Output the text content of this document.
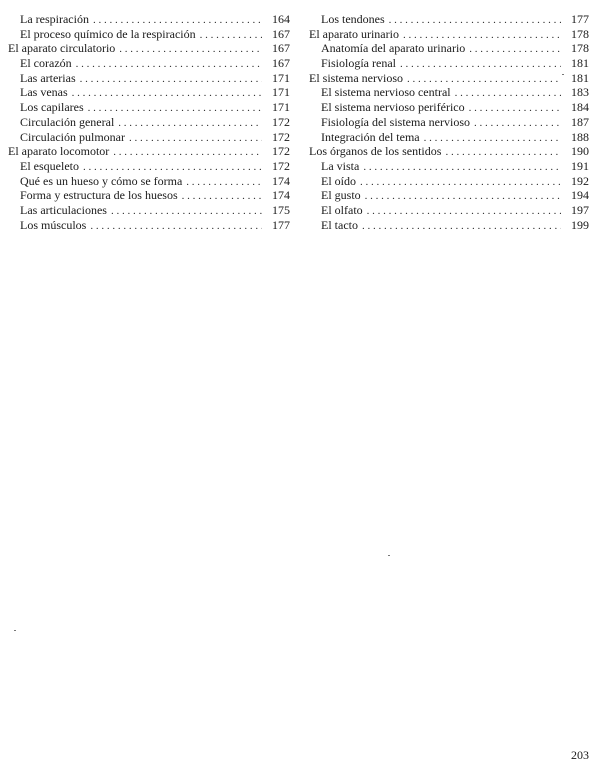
La respiración . . .	164
El proceso químico de la respiración . . .	167
El aparato circulatorio . . .	167
El corazón . . .	167
Las arterias . . .	171
Las venas . . .	171
Los capilares . . .	171
Circulación general . . .	172
Circulación pulmonar . . .	172
El aparato locomotor . . .	172
El esqueleto . . .	172
Qué es un hueso y cómo se forma . . .	174
Forma y estructura de los huesos . . .	174
Las articulaciones . . .	175
Los músculos . . .	177
Los tendones . . .	177
El aparato urinario . . .	178
Anatomía del aparato urinario . . .	178
Fisiología renal . . .	181
El sistema nervioso . . .	181
El sistema nervioso central . . .	183
El sistema nervioso periférico . . .	184
Fisiología del sistema nervioso . . .	187
Integración del tema . . .	188
Los órganos de los sentidos . . .	190
La vista . . .	191
El oído . . .	192
El gusto . . .	194
El olfato . . .	197
El tacto . . .	199
203
